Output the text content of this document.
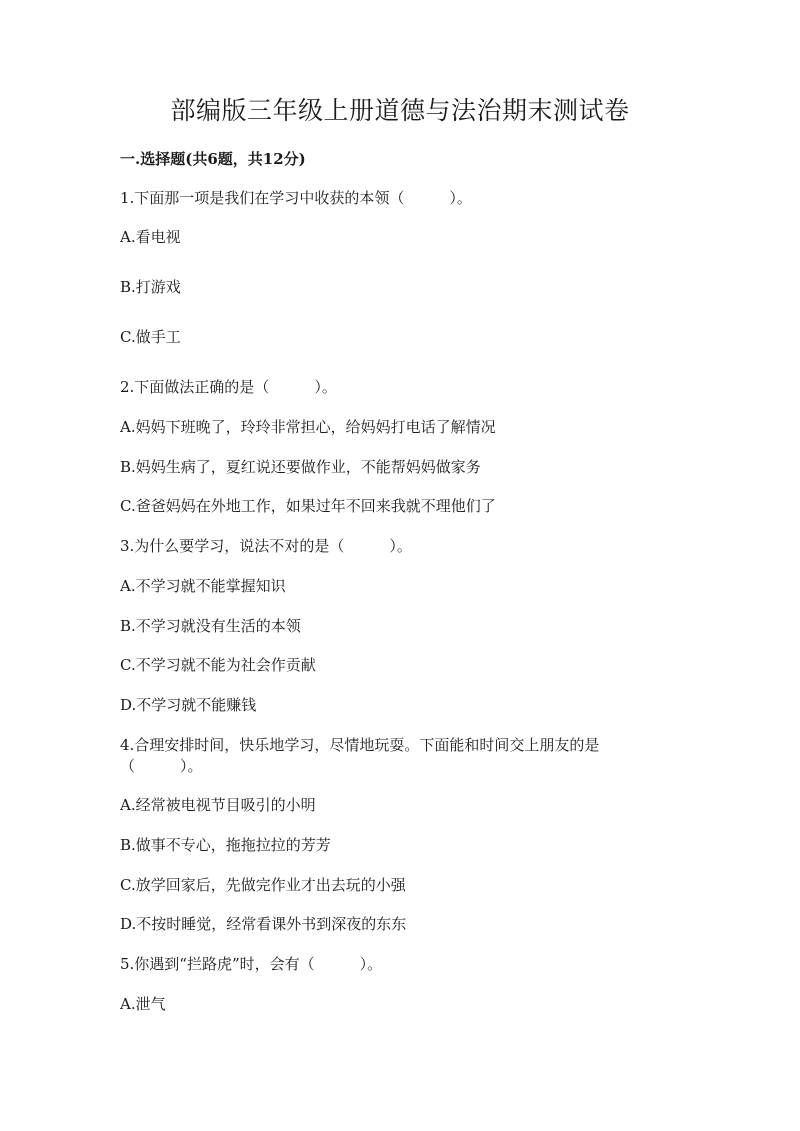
部编版三年级上册道德与法治期末测试卷

一.选择题(共6题，共12分)

1.下面那一项是我们在学习中收获的本领（　　　）。

A.看电视

B.打游戏

C.做手工

2.下面做法正确的是（　　　）。

A.妈妈下班晚了，玲玲非常担心，给妈妈打电话了解情况

B.妈妈生病了，夏红说还要做作业，不能帮妈妈做家务

C.爸爸妈妈在外地工作，如果过年不回来我就不理他们了

3.为什么要学习，说法不对的是（　　　）。

A.不学习就不能掌握知识

B.不学习就没有生活的本领

C.不学习就不能为社会作贡献

D.不学习就不能赚钱

4.合理安排时间，快乐地学习，尽情地玩耍。下面能和时间交上朋友的是

（　　　）。

A.经常被电视节目吸引的小明

B.做事不专心，拖拖拉拉的芳芳

C.放学回家后，先做完作业才出去玩的小强

D.不按时睡觉，经常看课外书到深夜的东东

5.你遇到“拦路虎”时，会有（　　　）。

A.泄气
